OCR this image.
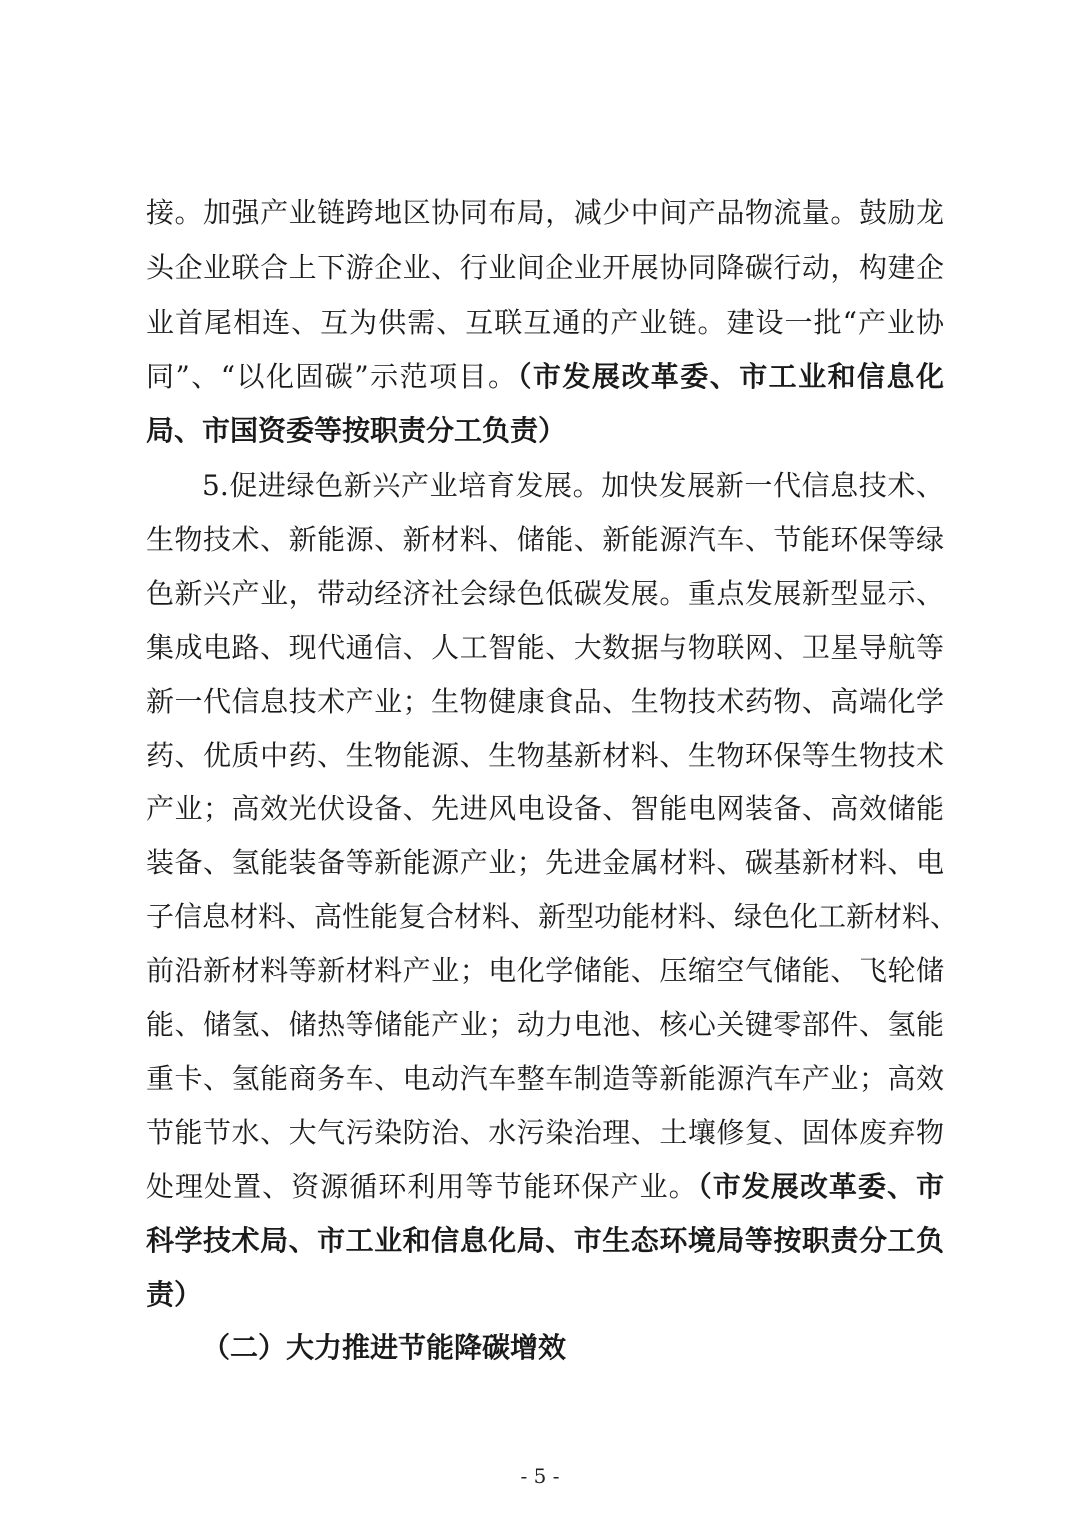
接。加强产业链跨地区协同布局，减少中间产品物流量。鼓励龙
头企业联合上下游企业、行业间企业开展协同降碳行动，构建企
业首尾相连、互为供需、互联互通的产业链。建设一批“产业协
同”、“以化固碳”示范项目。（市发展改革委、市工业和信息化
局、市国资委等按职责分工负责）
5.促进绿色新兴产业培育发展。加快发展新一代信息技术、
生物技术、新能源、新材料、储能、新能源汽车、节能环保等绿
色新兴产业，带动经济社会绿色低碳发展。重点发展新型显示、
集成电路、现代通信、人工智能、大数据与物联网、卫星导航等
新一代信息技术产业；生物健康食品、生物技术药物、高端化学
药、优质中药、生物能源、生物基新材料、生物环保等生物技术
产业；高效光伏设备、先进风电设备、智能电网装备、高效储能
装备、氢能装备等新能源产业；先进金属材料、碳基新材料、电
子信息材料、高性能复合材料、新型功能材料、绿色化工新材料、
前沿新材料等新材料产业；电化学储能、压缩空气储能、飞轮储
能、储氢、储热等储能产业；动力电池、核心关键零部件、氢能
重卡、氢能商务车、电动汽车整车制造等新能源汽车产业；高效
节能节水、大气污染防治、水污染治理、土壤修复、固体废弃物
处理处置、资源循环利用等节能环保产业。（市发展改革委、市
科学技术局、市工业和信息化局、市生态环境局等按职责分工负
责）
（二）大力推进节能降碳增效
- 5 -
